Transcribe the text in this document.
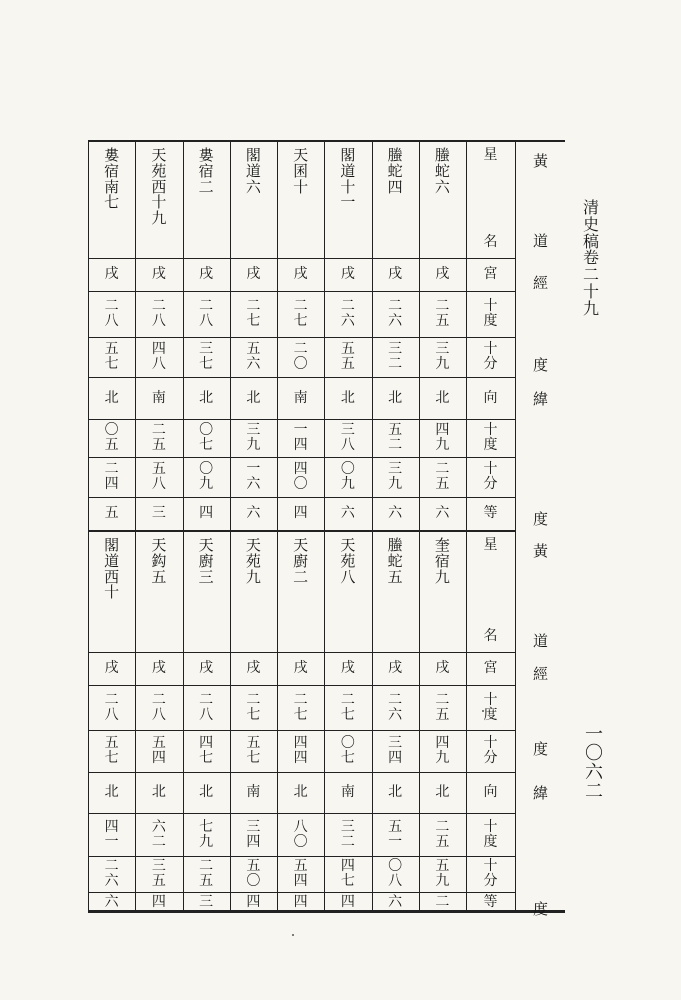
螣
蛇
六
戌
二
五
三
九
北
四
九
二
五
六
螣
蛇
四
戌
二
六
三
二
北
五
二
三
九
六
閣
道
十
一
戌
二
六
五
五
北
三
八
〇
九
六
天
囷
十
戌
二
七
二
〇
南
一
四
四
〇
四
閣
道
六
戌
二
七
五
六
北
三
九
一
六
六
婁
宿
二
戌
二
八
三
七
北
〇
七
〇
九
四
天
苑
西
十
九
戌
二
八
四
八
南
二
五
五
八
三
婁
宿
南
七
戌
二
八
五
七
北
〇
五
二
四
五
星
名
宮
十
度
十
分
向
十
度
十
分
等
黃
道
經
度
緯
度
奎
宿
九
戌
二
五
四
九
北
二
五
五
九
二
螣
蛇
五
戌
二
六
三
四
北
五
一
〇
八
六
天
苑
八
戌
二
七
〇
七
南
三
二
四
七
四
天
廚
二
戌
二
七
四
四
北
八
〇
五
四
四
天
苑
九
戌
二
七
五
七
南
三
四
五
〇
四
天
廚
三
戌
二
八
四
七
北
七
九
二
五
三
天
鈎
五
戌
二
八
五
四
北
六
二
三
五
四
閣
道
西
十
戌
二
八
五
七
北
四
一
二
六
六
星
名
宮
十
度
十
分
向
十
度
十
分
等
黃
道
經
度
緯
度
清
史
稿
卷
二
十
九
一
〇
六
二
